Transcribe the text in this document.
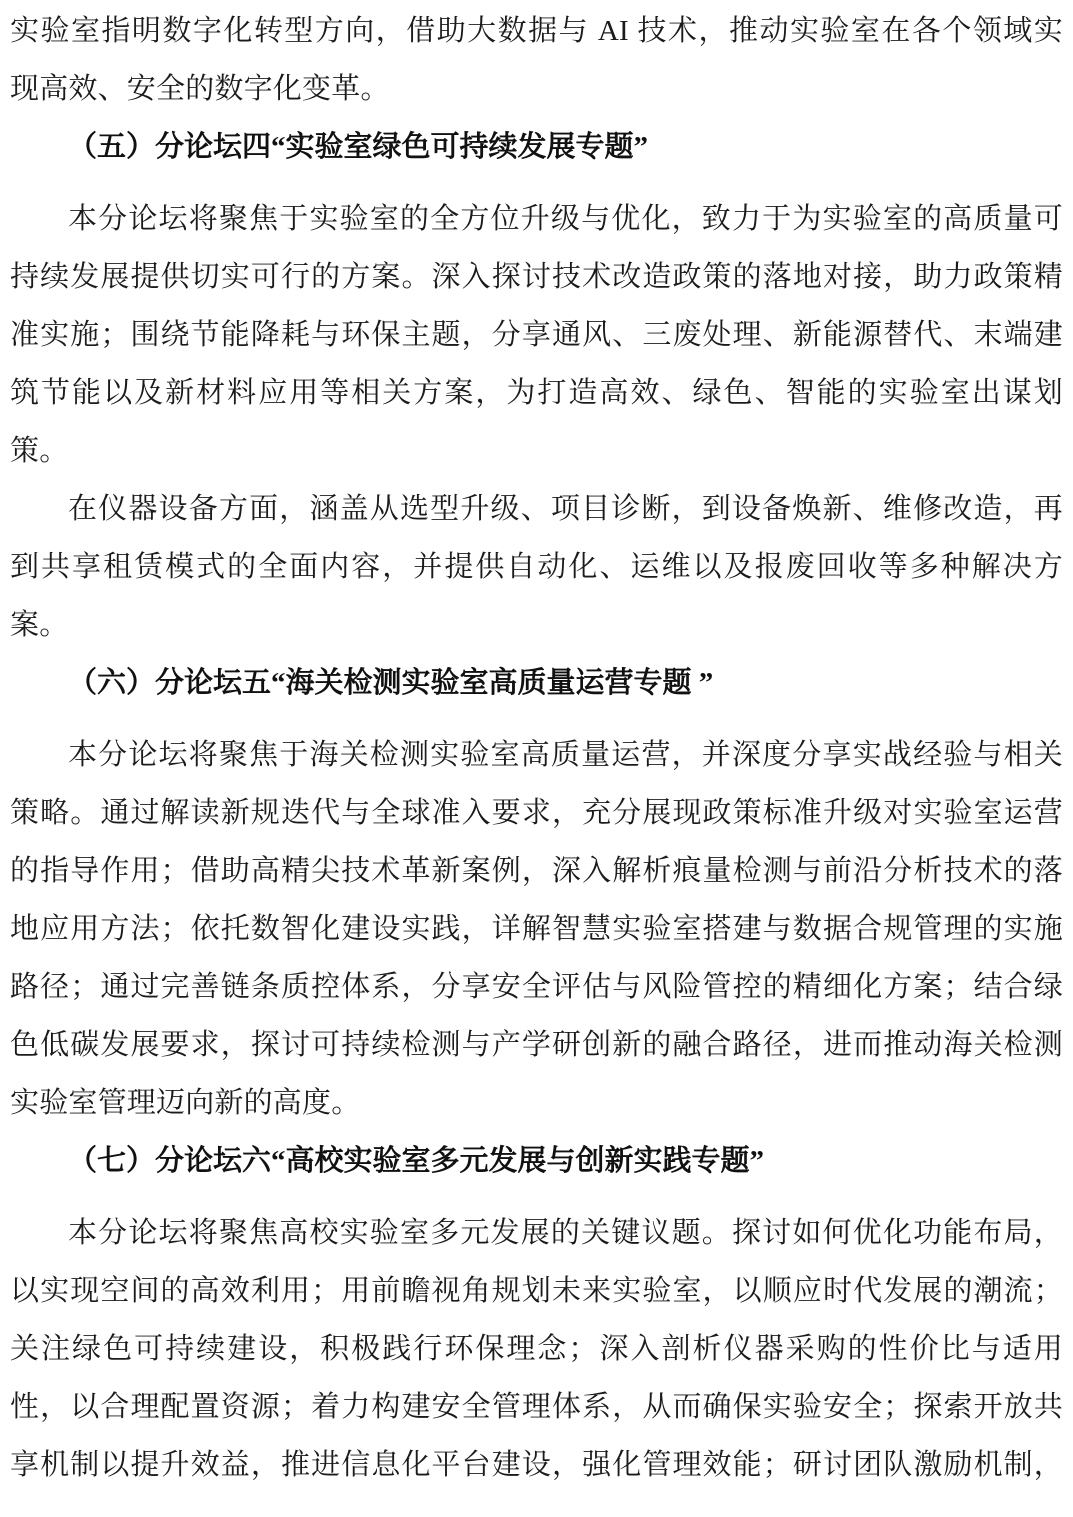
实验室指明数字化转型方向，借助大数据与 AI 技术，推动实验室在各个领域实
现高效、安全的数字化变革。
（五）分论坛四“实验室绿色可持续发展专题”
本分论坛将聚焦于实验室的全方位升级与优化，致力于为实验室的高质量可
持续发展提供切实可行的方案。深入探讨技术改造政策的落地对接，助力政策精
准实施；围绕节能降耗与环保主题，分享通风、三废处理、新能源替代、末端建
筑节能以及新材料应用等相关方案，为打造高效、绿色、智能的实验室出谋划
策。
在仪器设备方面，涵盖从选型升级、项目诊断，到设备焕新、维修改造，再
到共享租赁模式的全面内容，并提供自动化、运维以及报废回收等多种解决方
案。
（六）分论坛五“海关检测实验室高质量运营专题 ”
本分论坛将聚焦于海关检测实验室高质量运营，并深度分享实战经验与相关
策略。通过解读新规迭代与全球准入要求，充分展现政策标准升级对实验室运营
的指导作用；借助高精尖技术革新案例，深入解析痕量检测与前沿分析技术的落
地应用方法；依托数智化建设实践，详解智慧实验室搭建与数据合规管理的实施
路径；通过完善链条质控体系，分享安全评估与风险管控的精细化方案；结合绿
色低碳发展要求，探讨可持续检测与产学研创新的融合路径，进而推动海关检测
实验室管理迈向新的高度。
（七）分论坛六“高校实验室多元发展与创新实践专题”
本分论坛将聚焦高校实验室多元发展的关键议题。探讨如何优化功能布局，
以实现空间的高效利用；用前瞻视角规划未来实验室，以顺应时代发展的潮流；
关注绿色可持续建设，积极践行环保理念；深入剖析仪器采购的性价比与适用
性，以合理配置资源；着力构建安全管理体系，从而确保实验安全；探索开放共
享机制以提升效益，推进信息化平台建设，强化管理效能；研讨团队激励机制，
